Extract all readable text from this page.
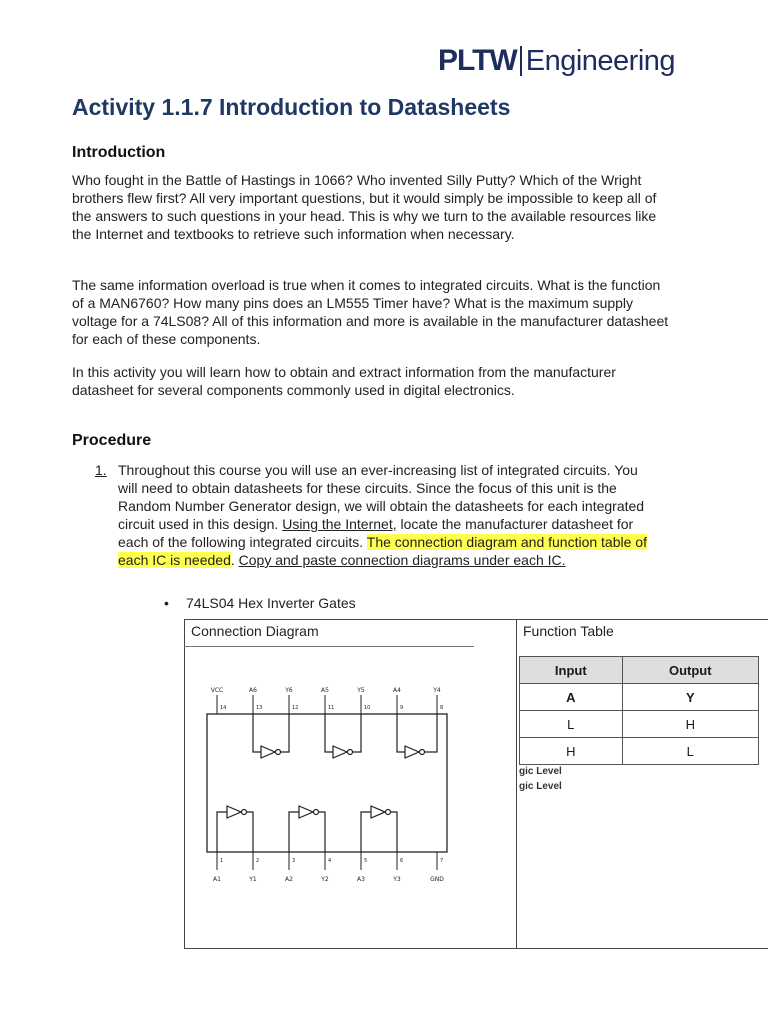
PLTW Engineering
Activity 1.1.7 Introduction to Datasheets
Introduction

Who fought in the Battle of Hastings in 1066? Who invented Silly Putty? Which of the Wright brothers flew first? All very important questions, but it would simply be impossible to keep all of the answers to such questions in your head. This is why we turn to the available resources like the Internet and textbooks to retrieve such information when necessary.

The same information overload is true when it comes to integrated circuits. What is the function of a MAN6760? How many pins does an LM555 Timer have? What is the maximum supply voltage for a 74LS08? All of this information and more is available in the manufacturer datasheet for each of these components.

In this activity you will learn how to obtain and extract information from the manufacturer datasheet for several components commonly used in digital electronics.

Procedure
1. Throughout this course you will use an ever-increasing list of integrated circuits. You will need to obtain datasheets for these circuits. Since the focus of this unit is the Random Number Generator design, we will obtain the datasheets for each integrated circuit used in this design. Using the Internet, locate the manufacturer datasheet for each of the following integrated circuits. The connection diagram and function table of each IC is needed. Copy and paste connection diagrams under each IC.
• 74LS04 Hex Inverter Gates
Connection Diagram	Function Table
Input	Output
A	Y
L	H
H	L
gic Level
gic Level
VCC	A6	Y6	A5	Y5	A4	Y4
14	13	12	11	10	9	8
1	2	3	4	5	6	7
A1	Y1	A2	Y2	A3	Y3	GND
